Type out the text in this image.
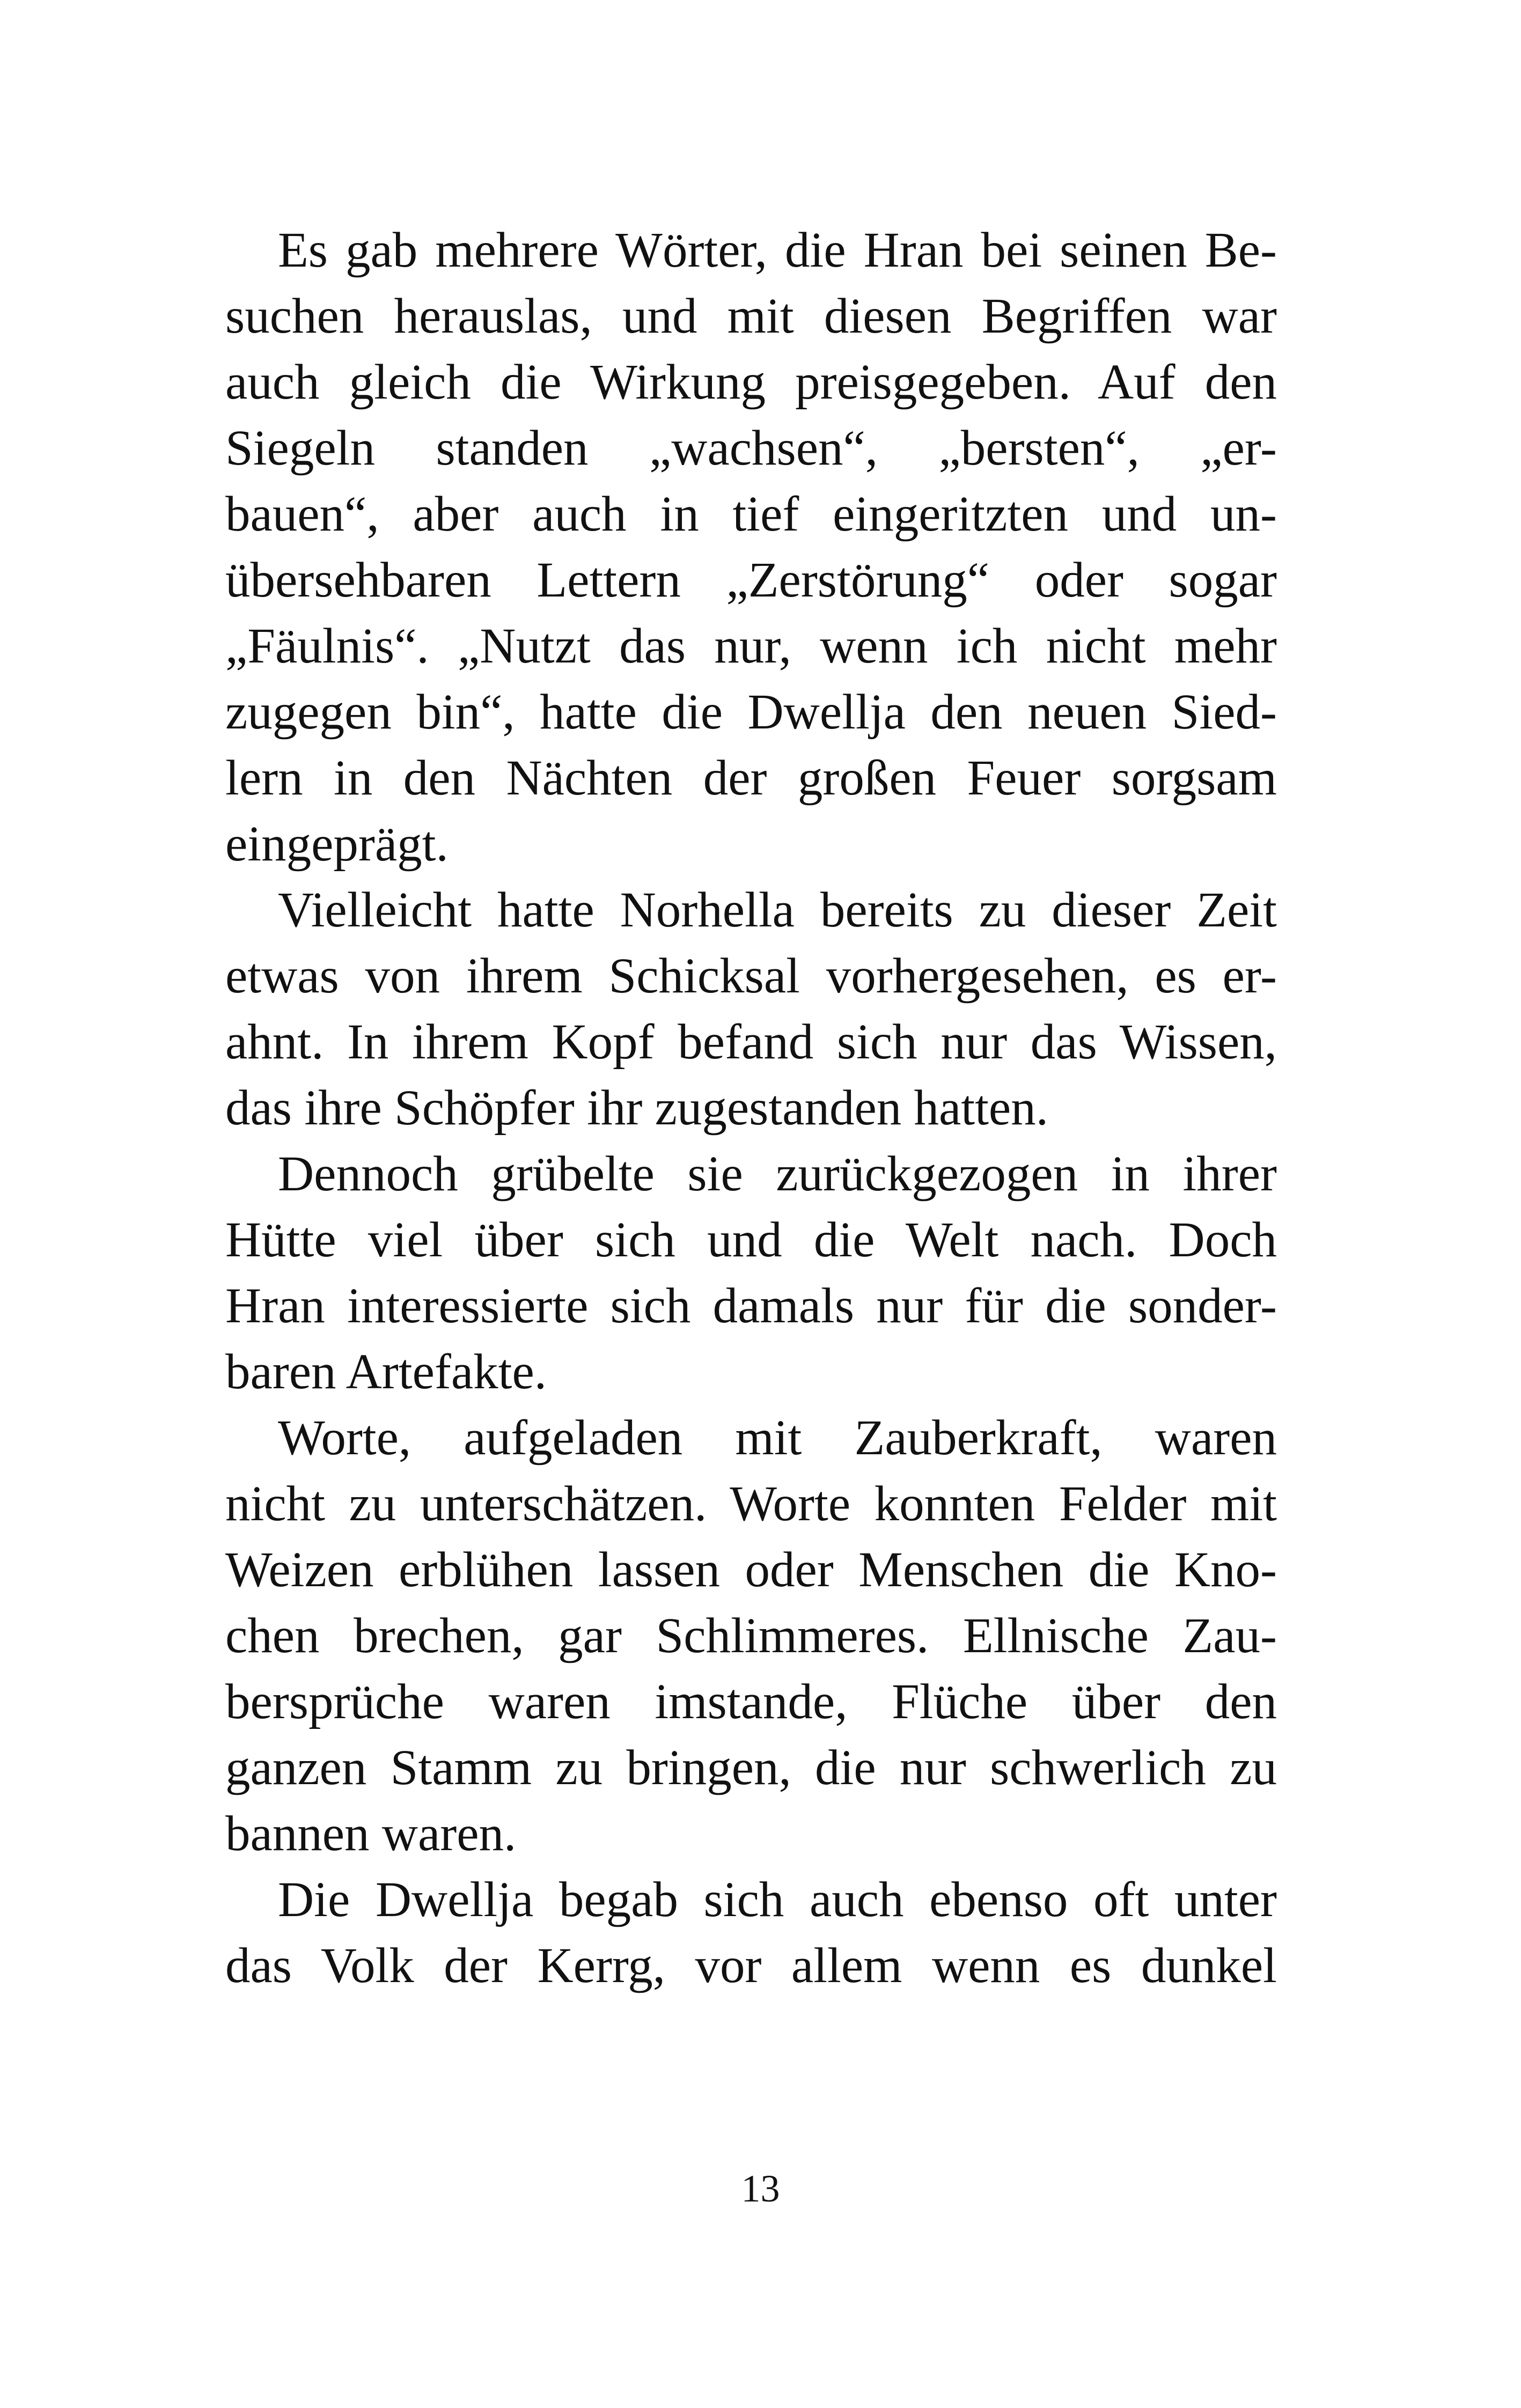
Es gab mehrere Wörter, die Hran bei seinen Be-
suchen herauslas, und mit diesen Begriffen war
auch gleich die Wirkung preisgegeben. Auf den
Siegeln standen „wachsen“, „bersten“, „er-
bauen“, aber auch in tief eingeritzten und un-
übersehbaren Lettern „Zerstörung“ oder sogar
„Fäulnis“. „Nutzt das nur, wenn ich nicht mehr
zugegen bin“, hatte die Dwellja den neuen Sied-
lern in den Nächten der großen Feuer sorgsam
eingeprägt.
Vielleicht hatte Norhella bereits zu dieser Zeit
etwas von ihrem Schicksal vorhergesehen, es er-
ahnt. In ihrem Kopf befand sich nur das Wissen,
das ihre Schöpfer ihr zugestanden hatten.
Dennoch grübelte sie zurückgezogen in ihrer
Hütte viel über sich und die Welt nach. Doch
Hran interessierte sich damals nur für die sonder-
baren Artefakte.
Worte, aufgeladen mit Zauberkraft, waren
nicht zu unterschätzen. Worte konnten Felder mit
Weizen erblühen lassen oder Menschen die Kno-
chen brechen, gar Schlimmeres. Ellnische Zau-
bersprüche waren imstande, Flüche über den
ganzen Stamm zu bringen, die nur schwerlich zu
bannen waren.
Die Dwellja begab sich auch ebenso oft unter
das Volk der Kerrg, vor allem wenn es dunkel
13
